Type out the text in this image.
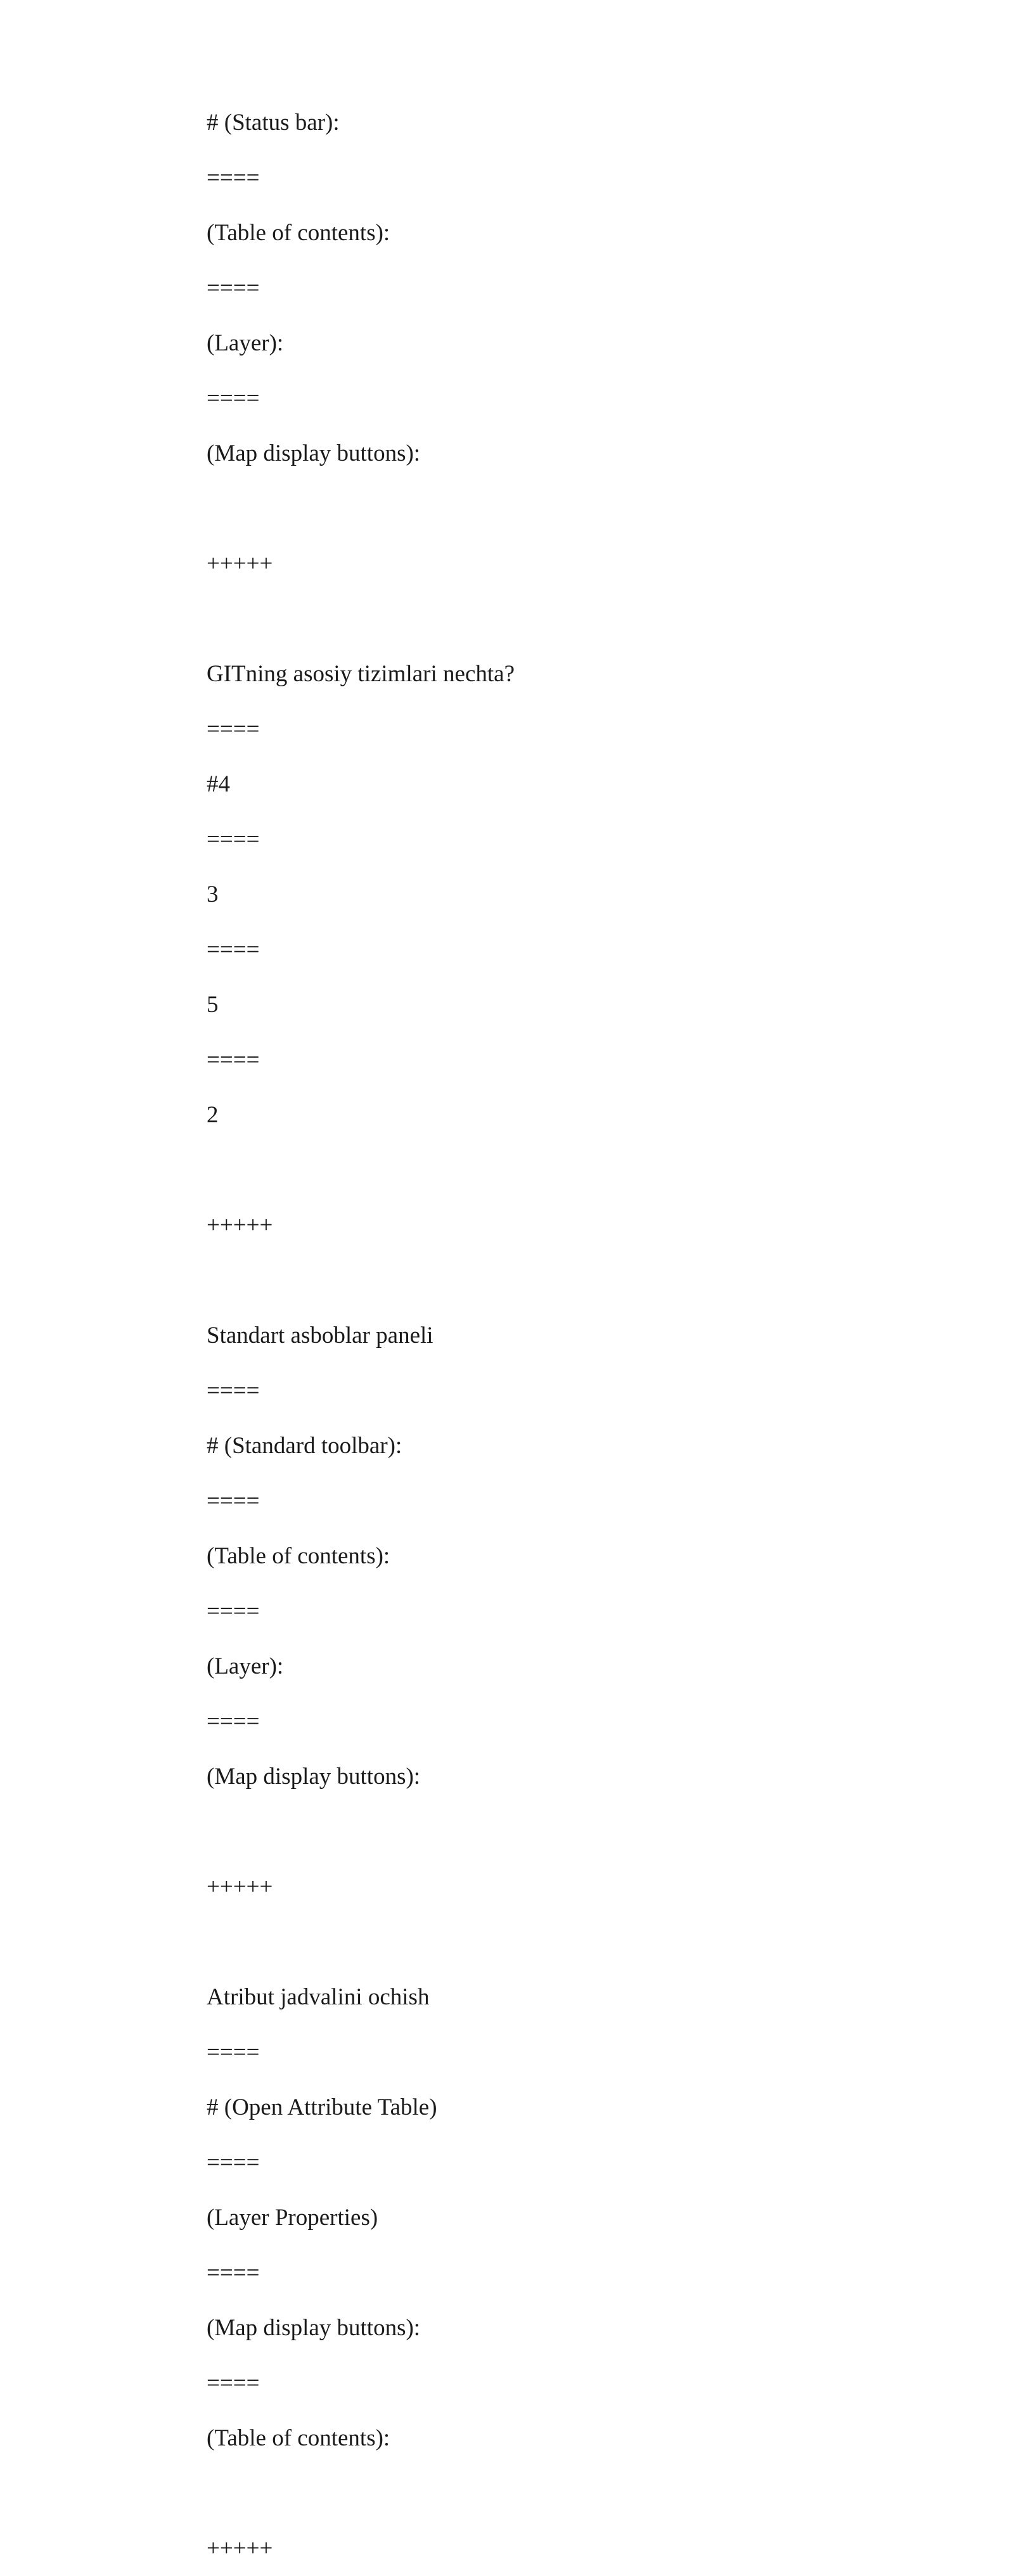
# (Status bar):
====
(Table of contents):
====
(Layer):
====
(Map display buttons):
+++++
GITning asosiy tizimlari nechta?
====
#4
====
3
====
5
====
2
+++++
Standart asboblar paneli
====
# (Standard toolbar):
====
(Table of contents):
====
(Layer):
====
(Map display buttons):
+++++
Atribut jadvalini ochish
====
# (Open Attribute Table)
====
(Layer Properties)
====
(Map display buttons):
====
(Table of contents):
+++++
